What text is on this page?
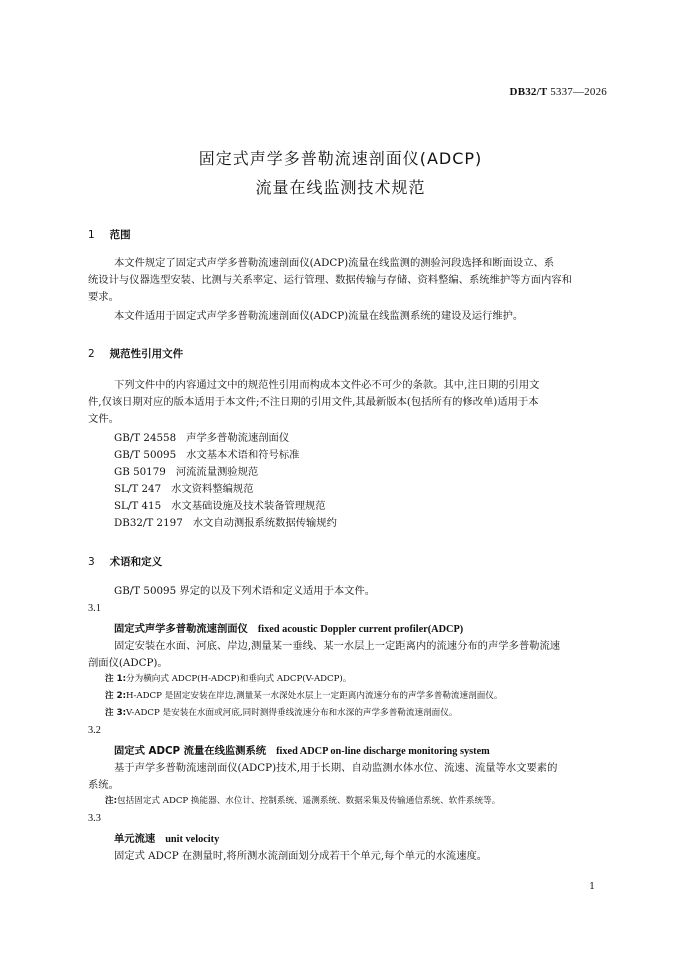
DB32/T 5337—2026
固定式声学多普勒流速剖面仪(ADCP)
流量在线监测技术规范
1 范围
本文件规定了固定式声学多普勒流速剖面仪(ADCP)流量在线监测的测验河段选择和断面设立、系
统设计与仪器选型安装、比测与关系率定、运行管理、数据传输与存储、资料整编、系统维护等方面内容和
要求。
本文件适用于固定式声学多普勒流速剖面仪(ADCP)流量在线监测系统的建设及运行维护。
2 规范性引用文件
下列文件中的内容通过文中的规范性引用而构成本文件必不可少的条款。其中,注日期的引用文
件,仅该日期对应的版本适用于本文件;不注日期的引用文件,其最新版本(包括所有的修改单)适用于本
文件。
GB/T 24558 声学多普勒流速剖面仪
GB/T 50095 水文基本术语和符号标准
GB 50179 河流流量测验规范
SL/T 247 水文资料整编规范
SL/T 415 水文基础设施及技术装备管理规范
DB32/T 2197 水文自动测报系统数据传输规约
3 术语和定义
GB/T 50095 界定的以及下列术语和定义适用于本文件。
3.1
固定式声学多普勒流速剖面仪 fixed acoustic Doppler current profiler(ADCP)
固定安装在水面、河底、岸边,测量某一垂线、某一水层上一定距离内的流速分布的声学多普勒流速
剖面仪(ADCP)。
注 1:分为横向式 ADCP(H-ADCP)和垂向式 ADCP(V-ADCP)。
注 2:H-ADCP 是固定安装在岸边,测量某一水深处水层上一定距离内流速分布的声学多普勒流速剖面仪。
注 3:V-ADCP 是安装在水面或河底,同时测得垂线流速分布和水深的声学多普勒流速剖面仪。
3.2
固定式 ADCP 流量在线监测系统 fixed ADCP on-line discharge monitoring system
基于声学多普勒流速剖面仪(ADCP)技术,用于长期、自动监测水体水位、流速、流量等水文要素的
系统。
注:包括固定式 ADCP 换能器、水位计、控制系统、遥测系统、数据采集及传输通信系统、软件系统等。
3.3
单元流速 unit velocity
固定式 ADCP 在测量时,将所测水流剖面划分成若干个单元,每个单元的水流速度。
1
